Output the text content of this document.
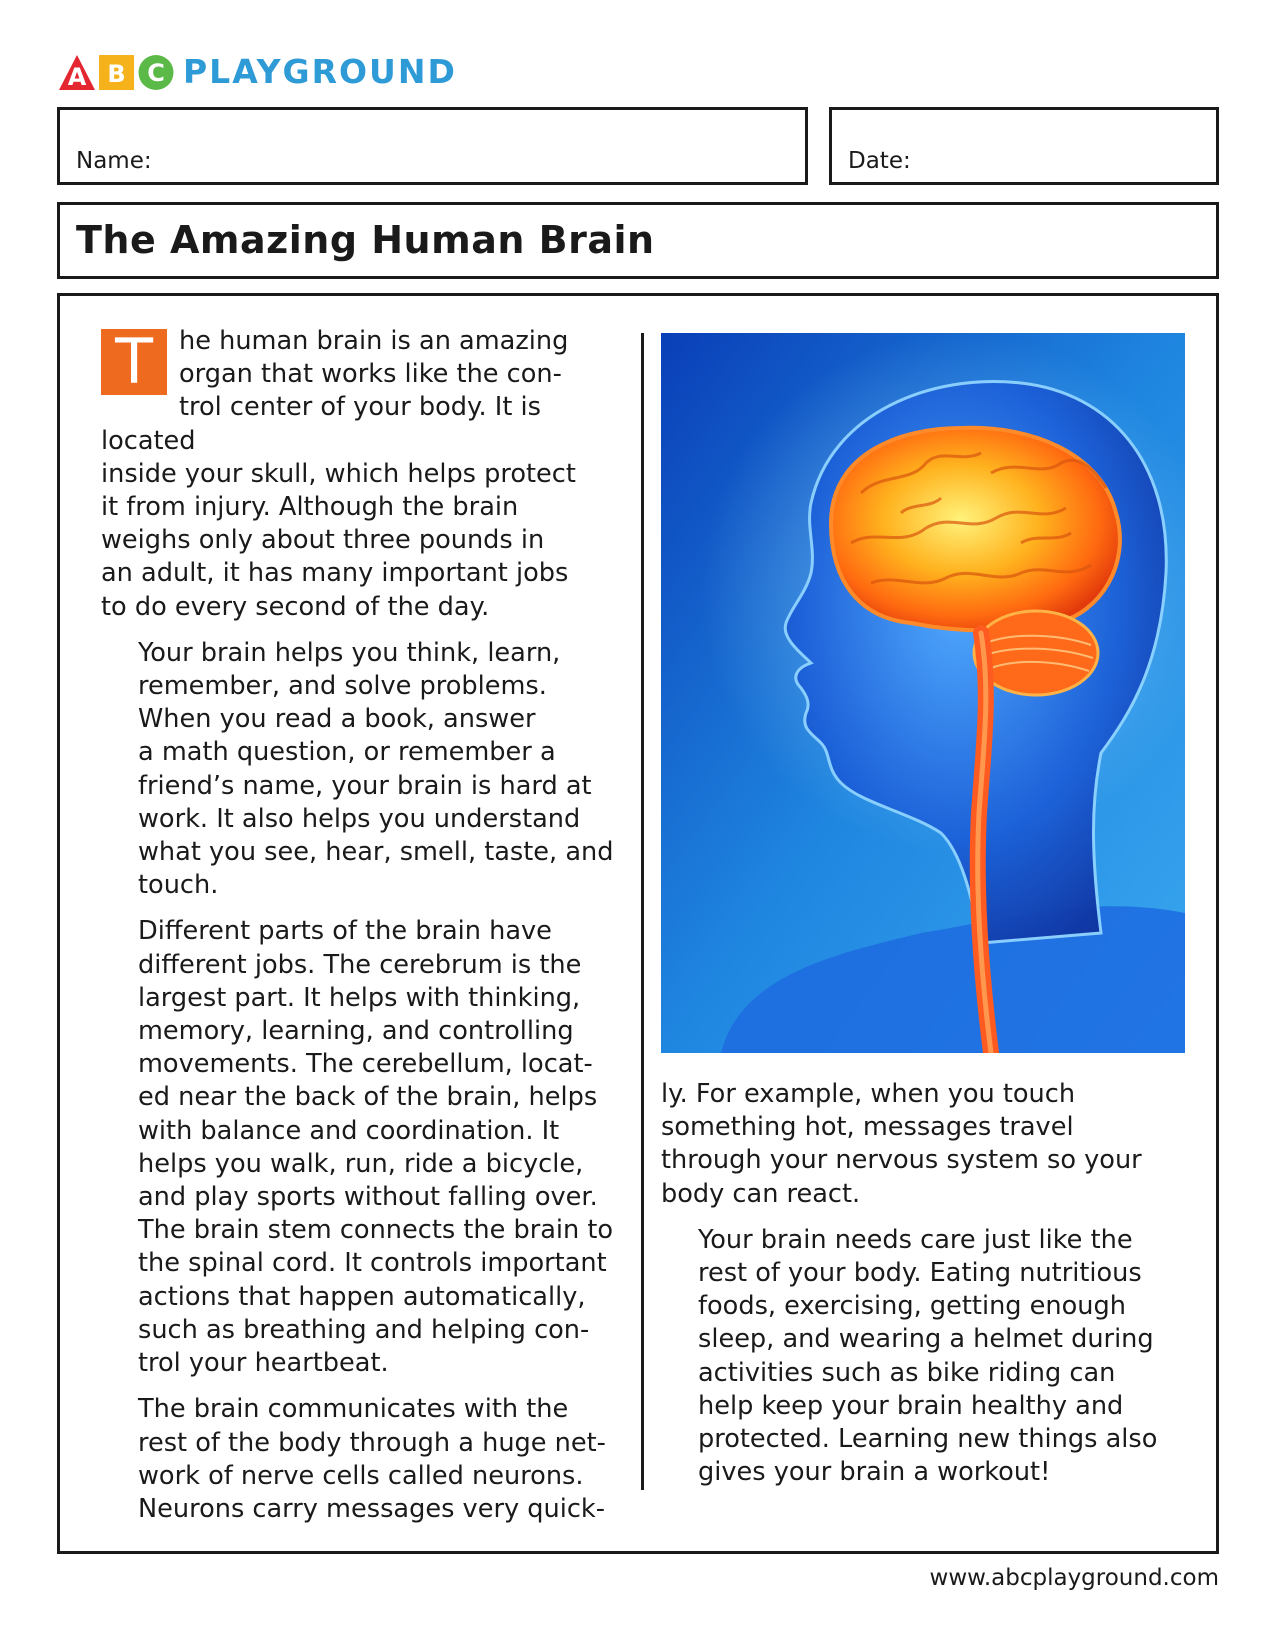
A B C PLAYGROUND
Name:	Date:
The Amazing Human Brain

T	he human brain is an amazing
organ that works like the con-
trol center of your body. It is located
inside your skull, which helps protect
it from injury. Although the brain
weighs only about three pounds in
an adult, it has many important jobs
to do every second of the day.

Your brain helps you think, learn,
remember, and solve problems.
When you read a book, answer
a math question, or remember a
friend’s name, your brain is hard at
work. It also helps you understand
what you see, hear, smell, taste, and
touch.

Different parts of the brain have
different jobs. The cerebrum is the
largest part. It helps with thinking,
memory, learning, and controlling
movements. The cerebellum, locat-
ed near the back of the brain, helps
with balance and coordination. It
helps you walk, run, ride a bicycle,
and play sports without falling over.
The brain stem connects the brain to
the spinal cord. It controls important
actions that happen automatically,
such as breathing and helping con-
trol your heartbeat.

The brain communicates with the
rest of the body through a huge net-
work of nerve cells called neurons.
Neurons carry messages very quick-

ly. For example, when you touch
something hot, messages travel
through your nervous system so your
body can react.

Your brain needs care just like the
rest of your body. Eating nutritious
foods, exercising, getting enough
sleep, and wearing a helmet during
activities such as bike riding can
help keep your brain healthy and
protected. Learning new things also
gives your brain a workout!

www.abcplayground.com
